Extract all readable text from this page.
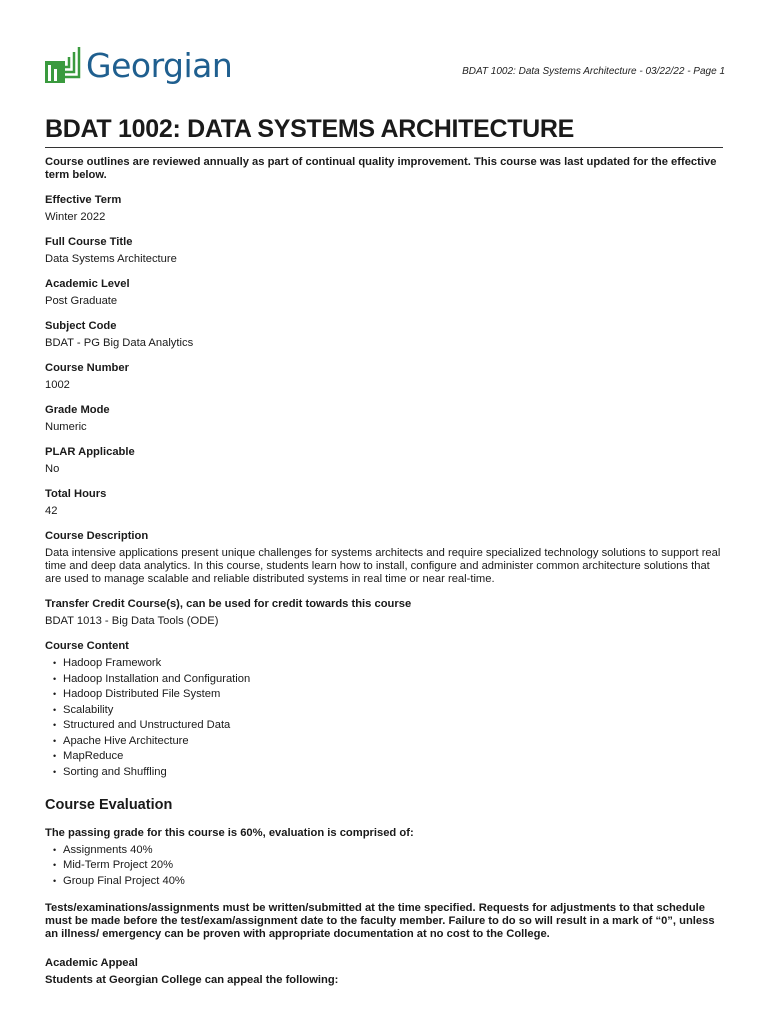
Georgian	BDAT 1002: Data Systems Architecture - 03/22/22 - Page 1
BDAT 1002: DATA SYSTEMS ARCHITECTURE

Course outlines are reviewed annually as part of continual quality improvement. This course was last updated for the effective term below.

Effective Term
Winter 2022
Full Course Title
Data Systems Architecture
Academic Level
Post Graduate
Subject Code
BDAT - PG Big Data Analytics
Course Number
1002
Grade Mode
Numeric
PLAR Applicable
No
Total Hours
42
Course Description
Data intensive applications present unique challenges for systems architects and require specialized technology solutions to support real time and deep data analytics. In this course, students learn how to install, configure and administer common architecture solutions that are used to manage scalable and reliable distributed systems in real time or near real-time.
Transfer Credit Course(s), can be used for credit towards this course
BDAT 1013 - Big Data Tools (ODE)
Course Content
• Hadoop Framework
• Hadoop Installation and Configuration
• Hadoop Distributed File System
• Scalability
• Structured and Unstructured Data
• Apache Hive Architecture
• MapReduce
• Sorting and Shuffling
Course Evaluation

The passing grade for this course is 60%, evaluation is comprised of:

• Assignments 40%
• Mid-Term Project 20%
• Group Final Project 40%

Tests/examinations/assignments must be written/submitted at the time specified. Requests for adjustments to that schedule must be made before the test/exam/assignment date to the faculty member. Failure to do so will result in a mark of “0”, unless an illness/ emergency can be proven with appropriate documentation at no cost to the College.

Academic Appeal
Students at Georgian College can appeal the following:
